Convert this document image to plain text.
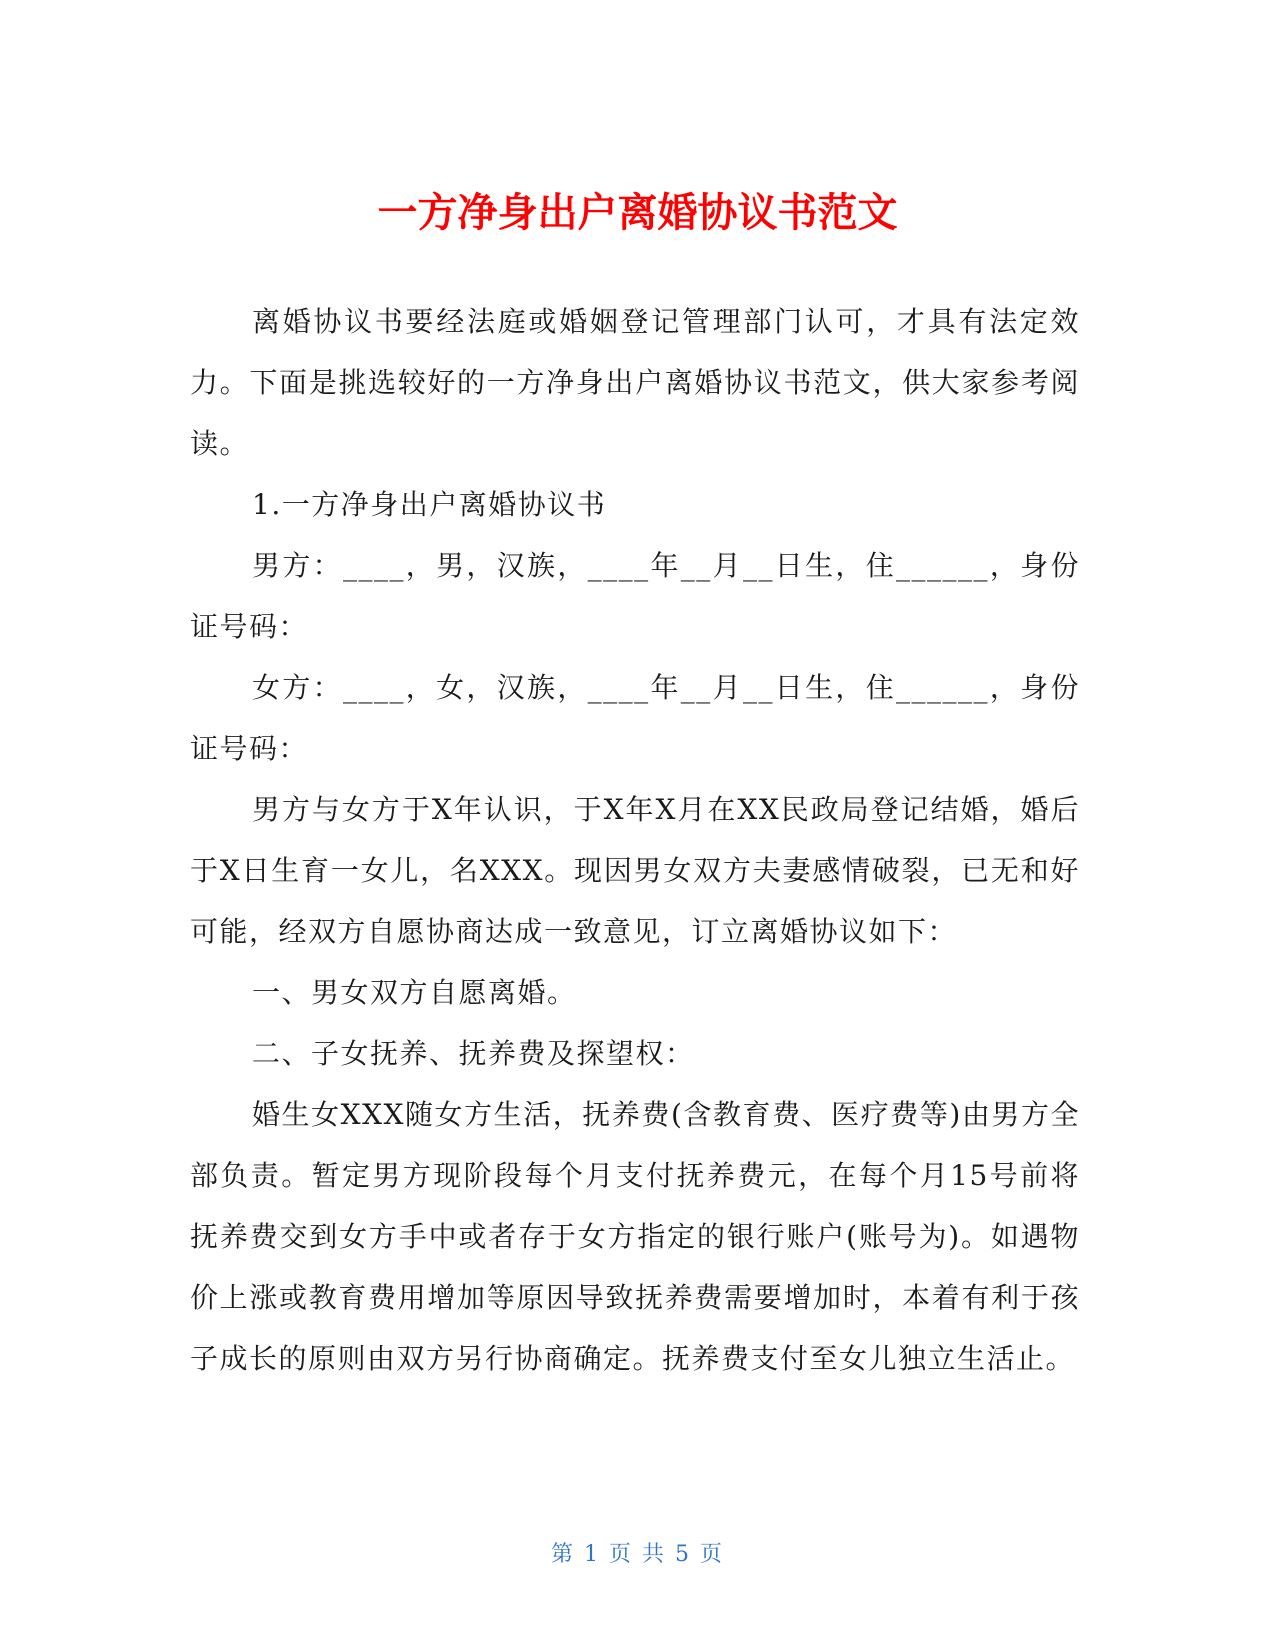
一方净身出户离婚协议书范文

离婚协议书要经法庭或婚姻登记管理部门认可，才具有法定效力。下面是挑选较好的一方净身出户离婚协议书范文，供大家参考阅读。

1.一方净身出户离婚协议书

男方：____，男，汉族，____年__月__日生，住______，身份证号码：

女方：____，女，汉族，____年__月__日生，住______，身份证号码：

男方与女方于X年认识，于X年X月在XX民政局登记结婚，婚后于X日生育一女儿，名XXX。现因男女双方夫妻感情破裂，已无和好可能，经双方自愿协商达成一致意见，订立离婚协议如下：

一、男女双方自愿离婚。

二、子女抚养、抚养费及探望权：

婚生女XXX随女方生活，抚养费(含教育费、医疗费等)由男方全部负责。暂定男方现阶段每个月支付抚养费元，在每个月15号前将抚养费交到女方手中或者存于女方指定的银行账户(账号为)。如遇物价上涨或教育费用增加等原因导致抚养费需要增加时，本着有利于孩子成长的原则由双方另行协商确定。抚养费支付至女儿独立生活止。

第 1 页 共 5 页
